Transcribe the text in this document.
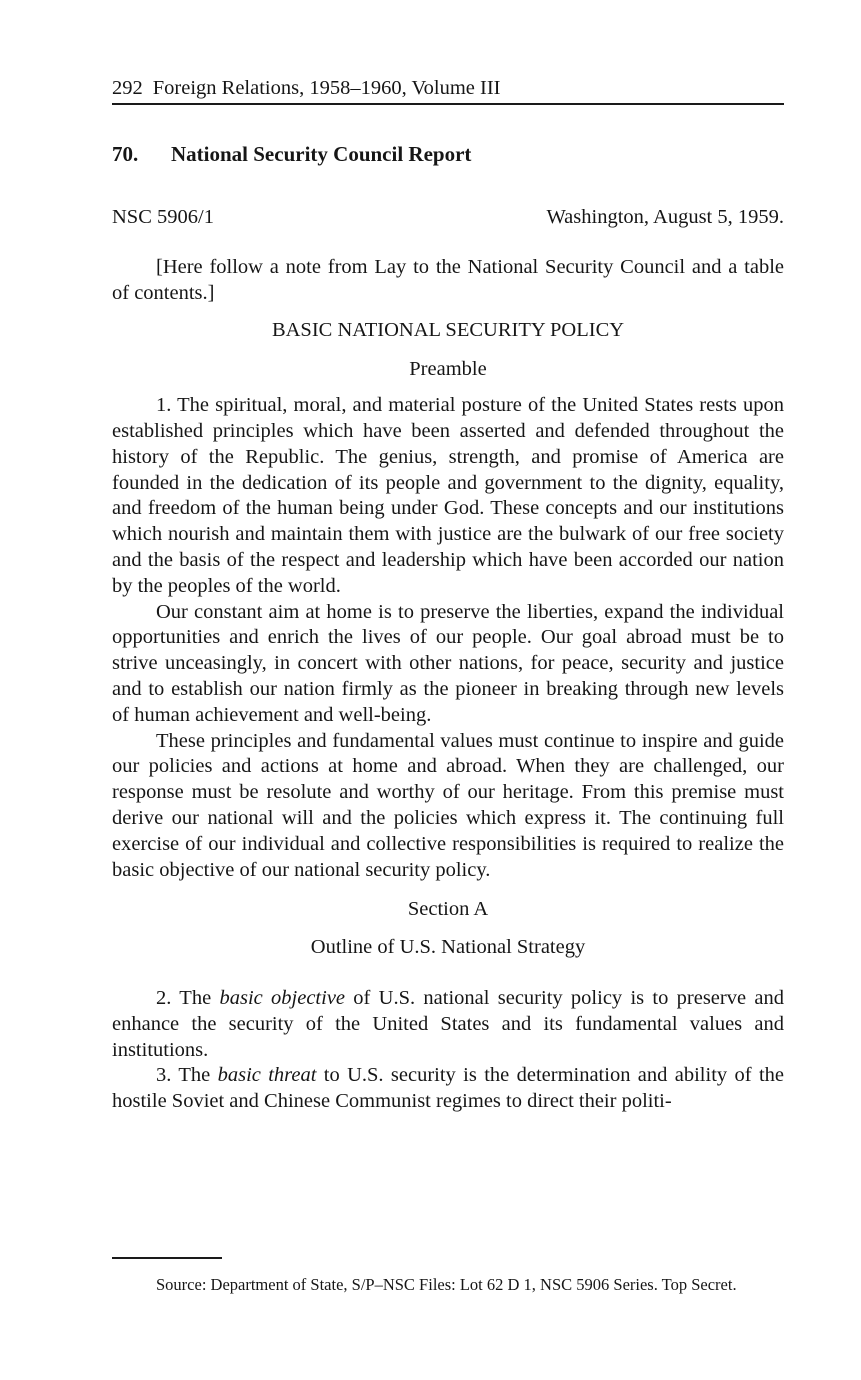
292 Foreign Relations, 1958–1960, Volume III
70. National Security Council Report
NSC 5906/1	Washington, August 5, 1959.

[Here follow a note from Lay to the National Security Council and a table of contents.]

BASIC NATIONAL SECURITY POLICY

Preamble

1. The spiritual, moral, and material posture of the United States rests upon established principles which have been asserted and defended throughout the history of the Republic. The genius, strength, and promise of America are founded in the dedication of its people and government to the dignity, equality, and freedom of the human being under God. These concepts and our institutions which nourish and maintain them with justice are the bulwark of our free society and the basis of the respect and leadership which have been accorded our nation by the peoples of the world.

Our constant aim at home is to preserve the liberties, expand the individual opportunities and enrich the lives of our people. Our goal abroad must be to strive unceasingly, in concert with other nations, for peace, security and justice and to establish our nation firmly as the pioneer in breaking through new levels of human achievement and well-being.

These principles and fundamental values must continue to inspire and guide our policies and actions at home and abroad. When they are challenged, our response must be resolute and worthy of our heritage. From this premise must derive our national will and the policies which express it. The continuing full exercise of our individual and collective responsibilities is required to realize the basic objective of our national security policy.

Section A

Outline of U.S. National Strategy

2. The basic objective of U.S. national security policy is to preserve and enhance the security of the United States and its fundamental values and institutions.

3. The basic threat to U.S. security is the determination and ability of the hostile Soviet and Chinese Communist regimes to direct their politi-

Source: Department of State, S/P–NSC Files: Lot 62 D 1, NSC 5906 Series. Top Secret.
